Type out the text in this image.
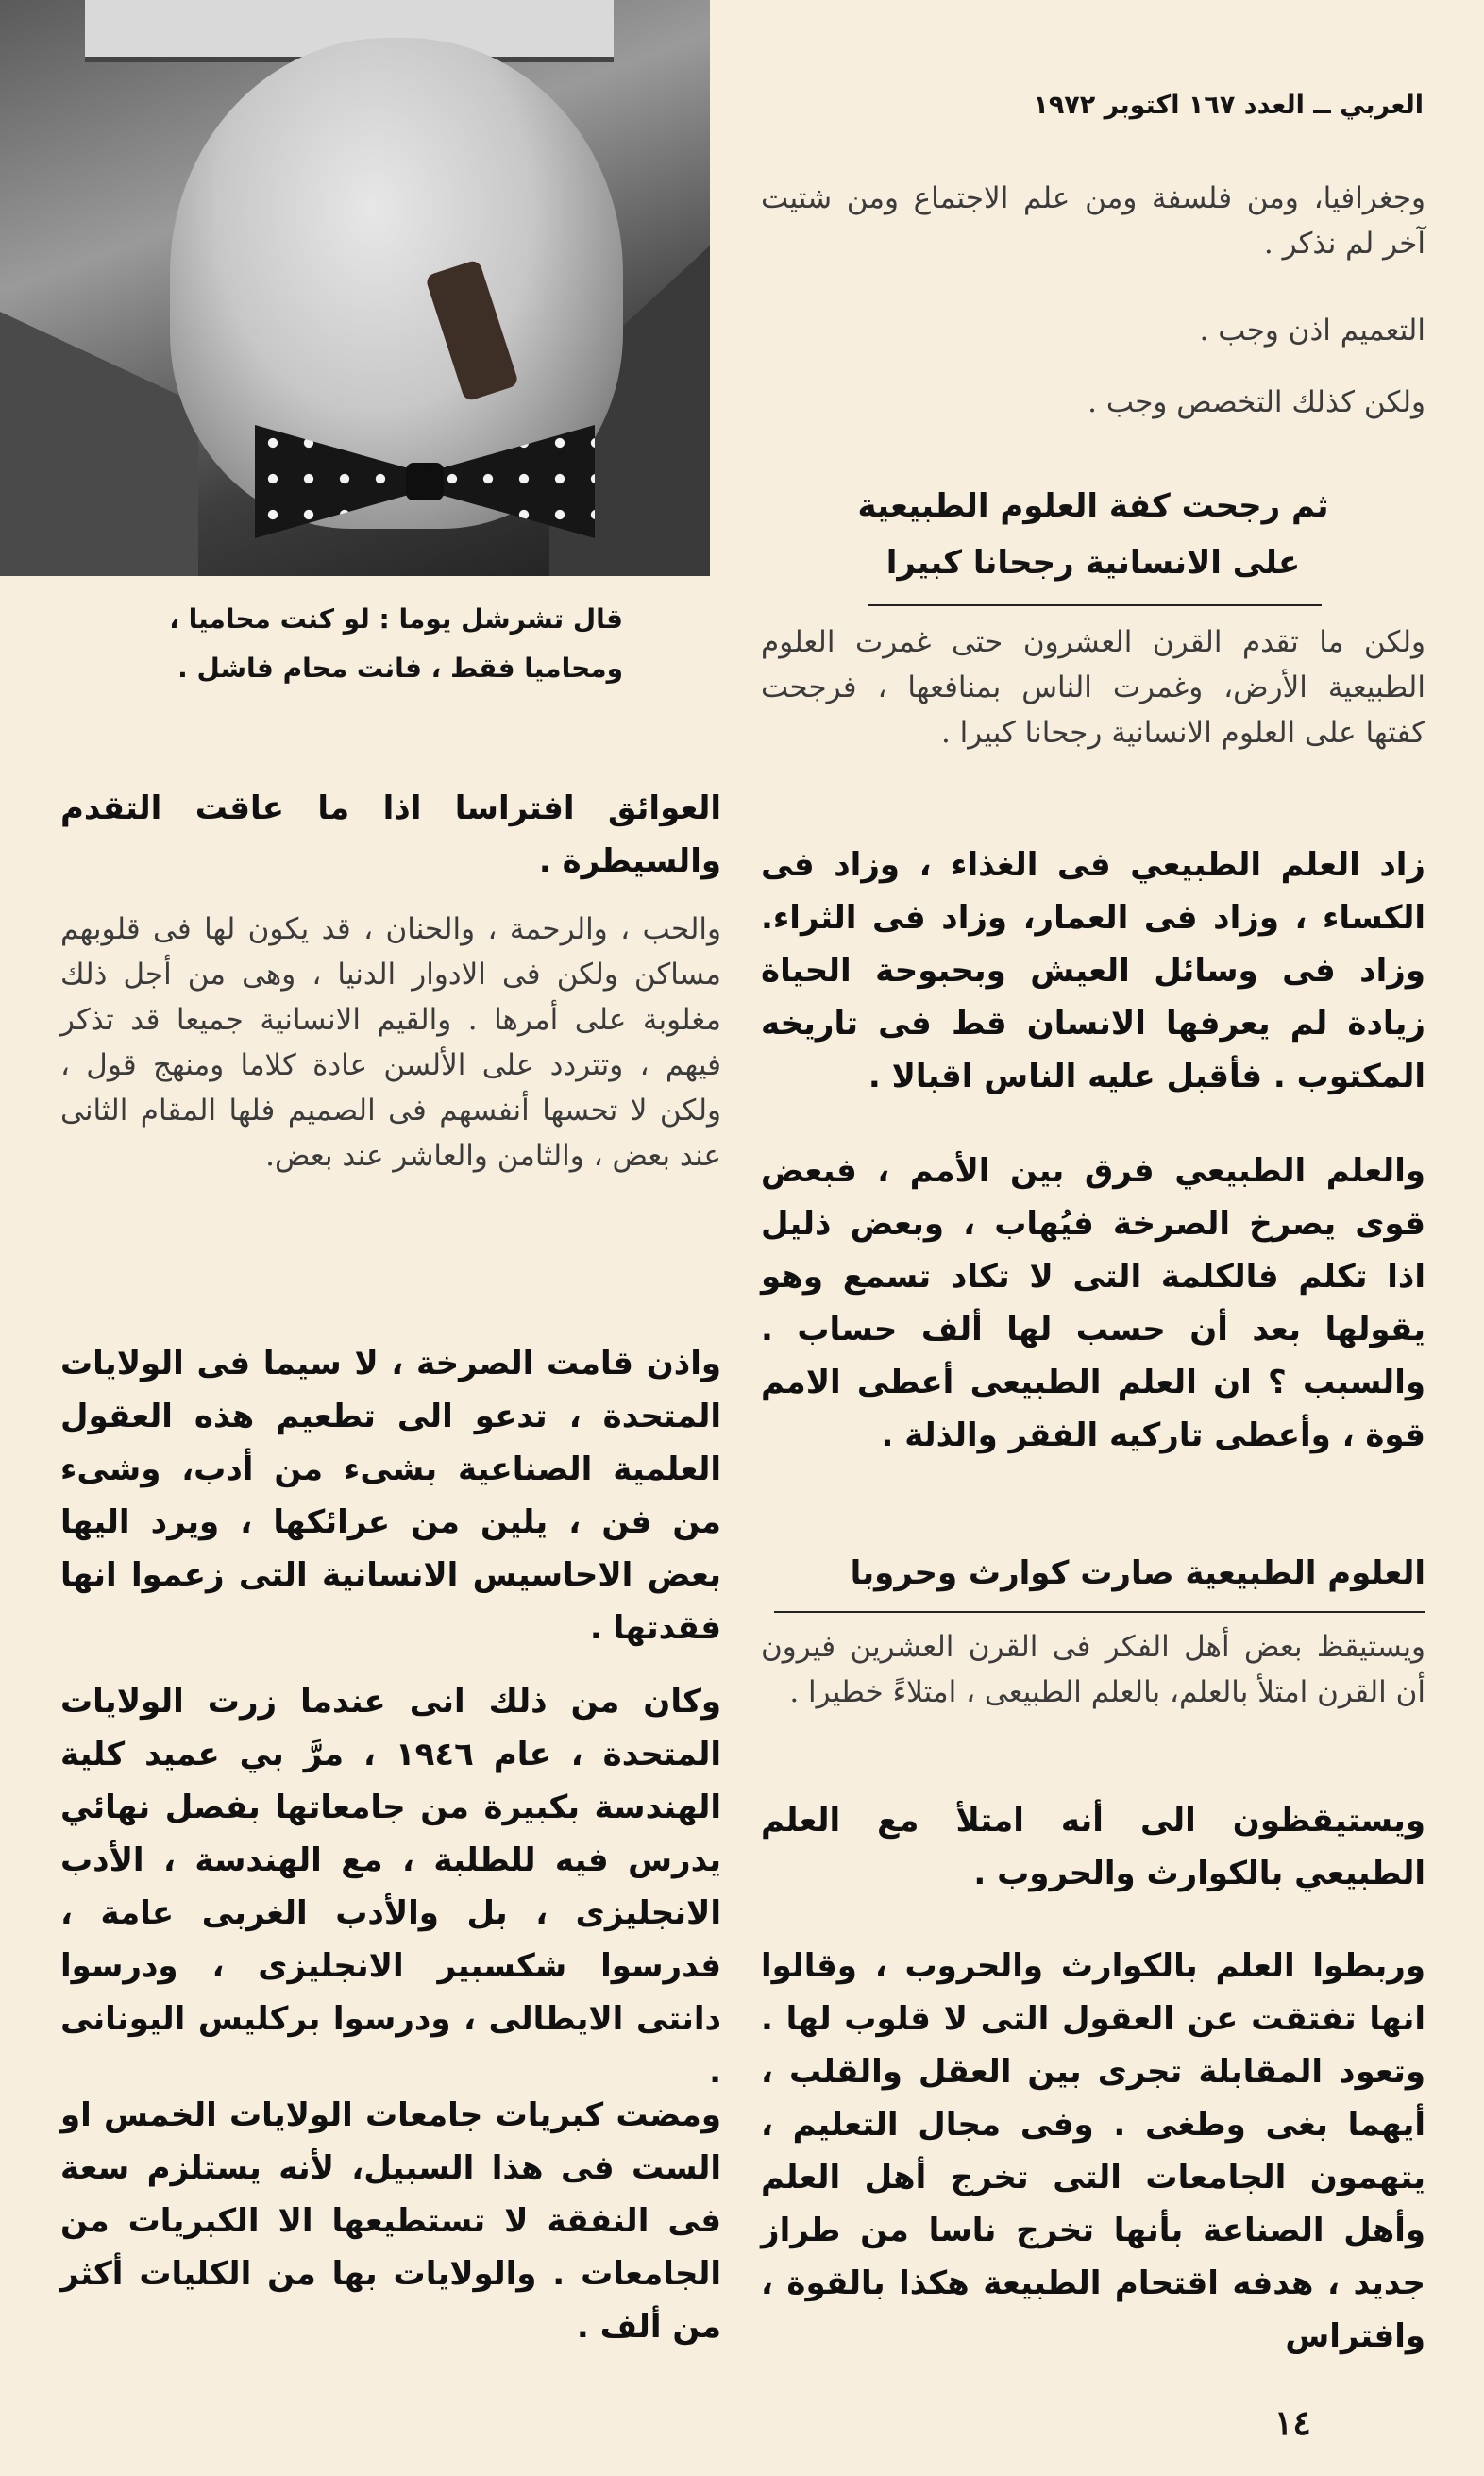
العربي ــ العدد ١٦٧ اكتوبر ١٩٧٢

قال تشرشل يوما : لو كنت محاميا ،

ومحاميا فقط ، فانت محام فاشل .

وجغرافيا، ومن فلسفة ومن علم الاجتماع ومن شتيت آخر لم نذكر .
التعميم اذن وجب .
ولكن كذلك التخصص وجب .

ثم رجحت كفة العلوم الطبيعية

على الانسانية رجحانا كبيرا

ولكن ما تقدم القرن العشرون حتى غمرت العلوم الطبيعية الأرض، وغمرت الناس بمنافعها ، فرجحت كفتها على العلوم الانسانية رجحانا كبيرا .
زاد العلم الطبيعي فى الغذاء ، وزاد فى الكساء ، وزاد فى العمار، وزاد فى الثراء. وزاد فى وسائل العيش وبحبوحة الحياة زيادة لم يعرفها الانسان قط فى تاريخه المكتوب . فأقبل عليه الناس اقبالا .
والعلم الطبيعي فرق بين الأمم ، فبعض قوى يصرخ الصرخة فيُهاب ، وبعض ذليل اذا تكلم فالكلمة التى لا تكاد تسمع وهو يقولها بعد أن حسب لها ألف حساب . والسبب ؟ ان العلم الطبيعى أعطى الامم قوة ، وأعطى تاركيه الفقر والذلة .
العلوم الطبيعية صارت كوارث وحروبا
ويستيقظ بعض أهل الفكر فى القرن العشرين فيرون أن القرن امتلأ بالعلم، بالعلم الطبيعى ، امتلاءً خطيرا .
ويستيقظون الى أنه امتلأ مع العلم الطبيعي بالكوارث والحروب .
وربطوا العلم بالكوارث والحروب ، وقالوا انها تفتقت عن العقول التى لا قلوب لها . وتعود المقابلة تجرى بين العقل والقلب ، أيهما بغى وطغى . وفى مجال التعليم ، يتهمون الجامعات التى تخرج أهل العلم وأهل الصناعة بأنها تخرج ناسا من طراز جديد ، هدفه اقتحام الطبيعة هكذا بالقوة ، وافتراس
العوائق افتراسا اذا ما عاقت التقدم والسيطرة .
والحب ، والرحمة ، والحنان ، قد يكون لها فى قلوبهم مساكن ولكن فى الادوار الدنيا ، وهى من أجل ذلك مغلوبة على أمرها . والقيم الانسانية جميعا قد تذكر فيهم ، وتتردد على الألسن عادة كلاما ومنهج قول ، ولكن لا تحسها أنفسهم فى الصميم فلها المقام الثانى عند بعض ، والثامن والعاشر عند بعض.
واذن قامت الصرخة ، لا سيما فى الولايات المتحدة ، تدعو الى تطعيم هذه العقول العلمية الصناعية بشىء من أدب، وشىء من فن ، يلين من عرائكها ، ويرد اليها بعض الاحاسيس الانسانية التى زعموا انها فقدتها .
وكان من ذلك انى عندما زرت الولايات المتحدة ، عام ١٩٤٦ ، مرَّ بي عميد كلية الهندسة بكبيرة من جامعاتها بفصل نهائي يدرس فيه للطلبة ، مع الهندسة ، الأدب الانجليزى ، بل والأدب الغربى عامة ، فدرسوا شكسبير الانجليزى ، ودرسوا دانتى الايطالى ، ودرسوا بركليس اليونانى .
ومضت كبريات جامعات الولايات الخمس او الست فى هذا السبيل، لأنه يستلزم سعة فى النفقة لا تستطيعها الا الكبريات من الجامعات . والولايات بها من الكليات أكثر من ألف .
١٤
